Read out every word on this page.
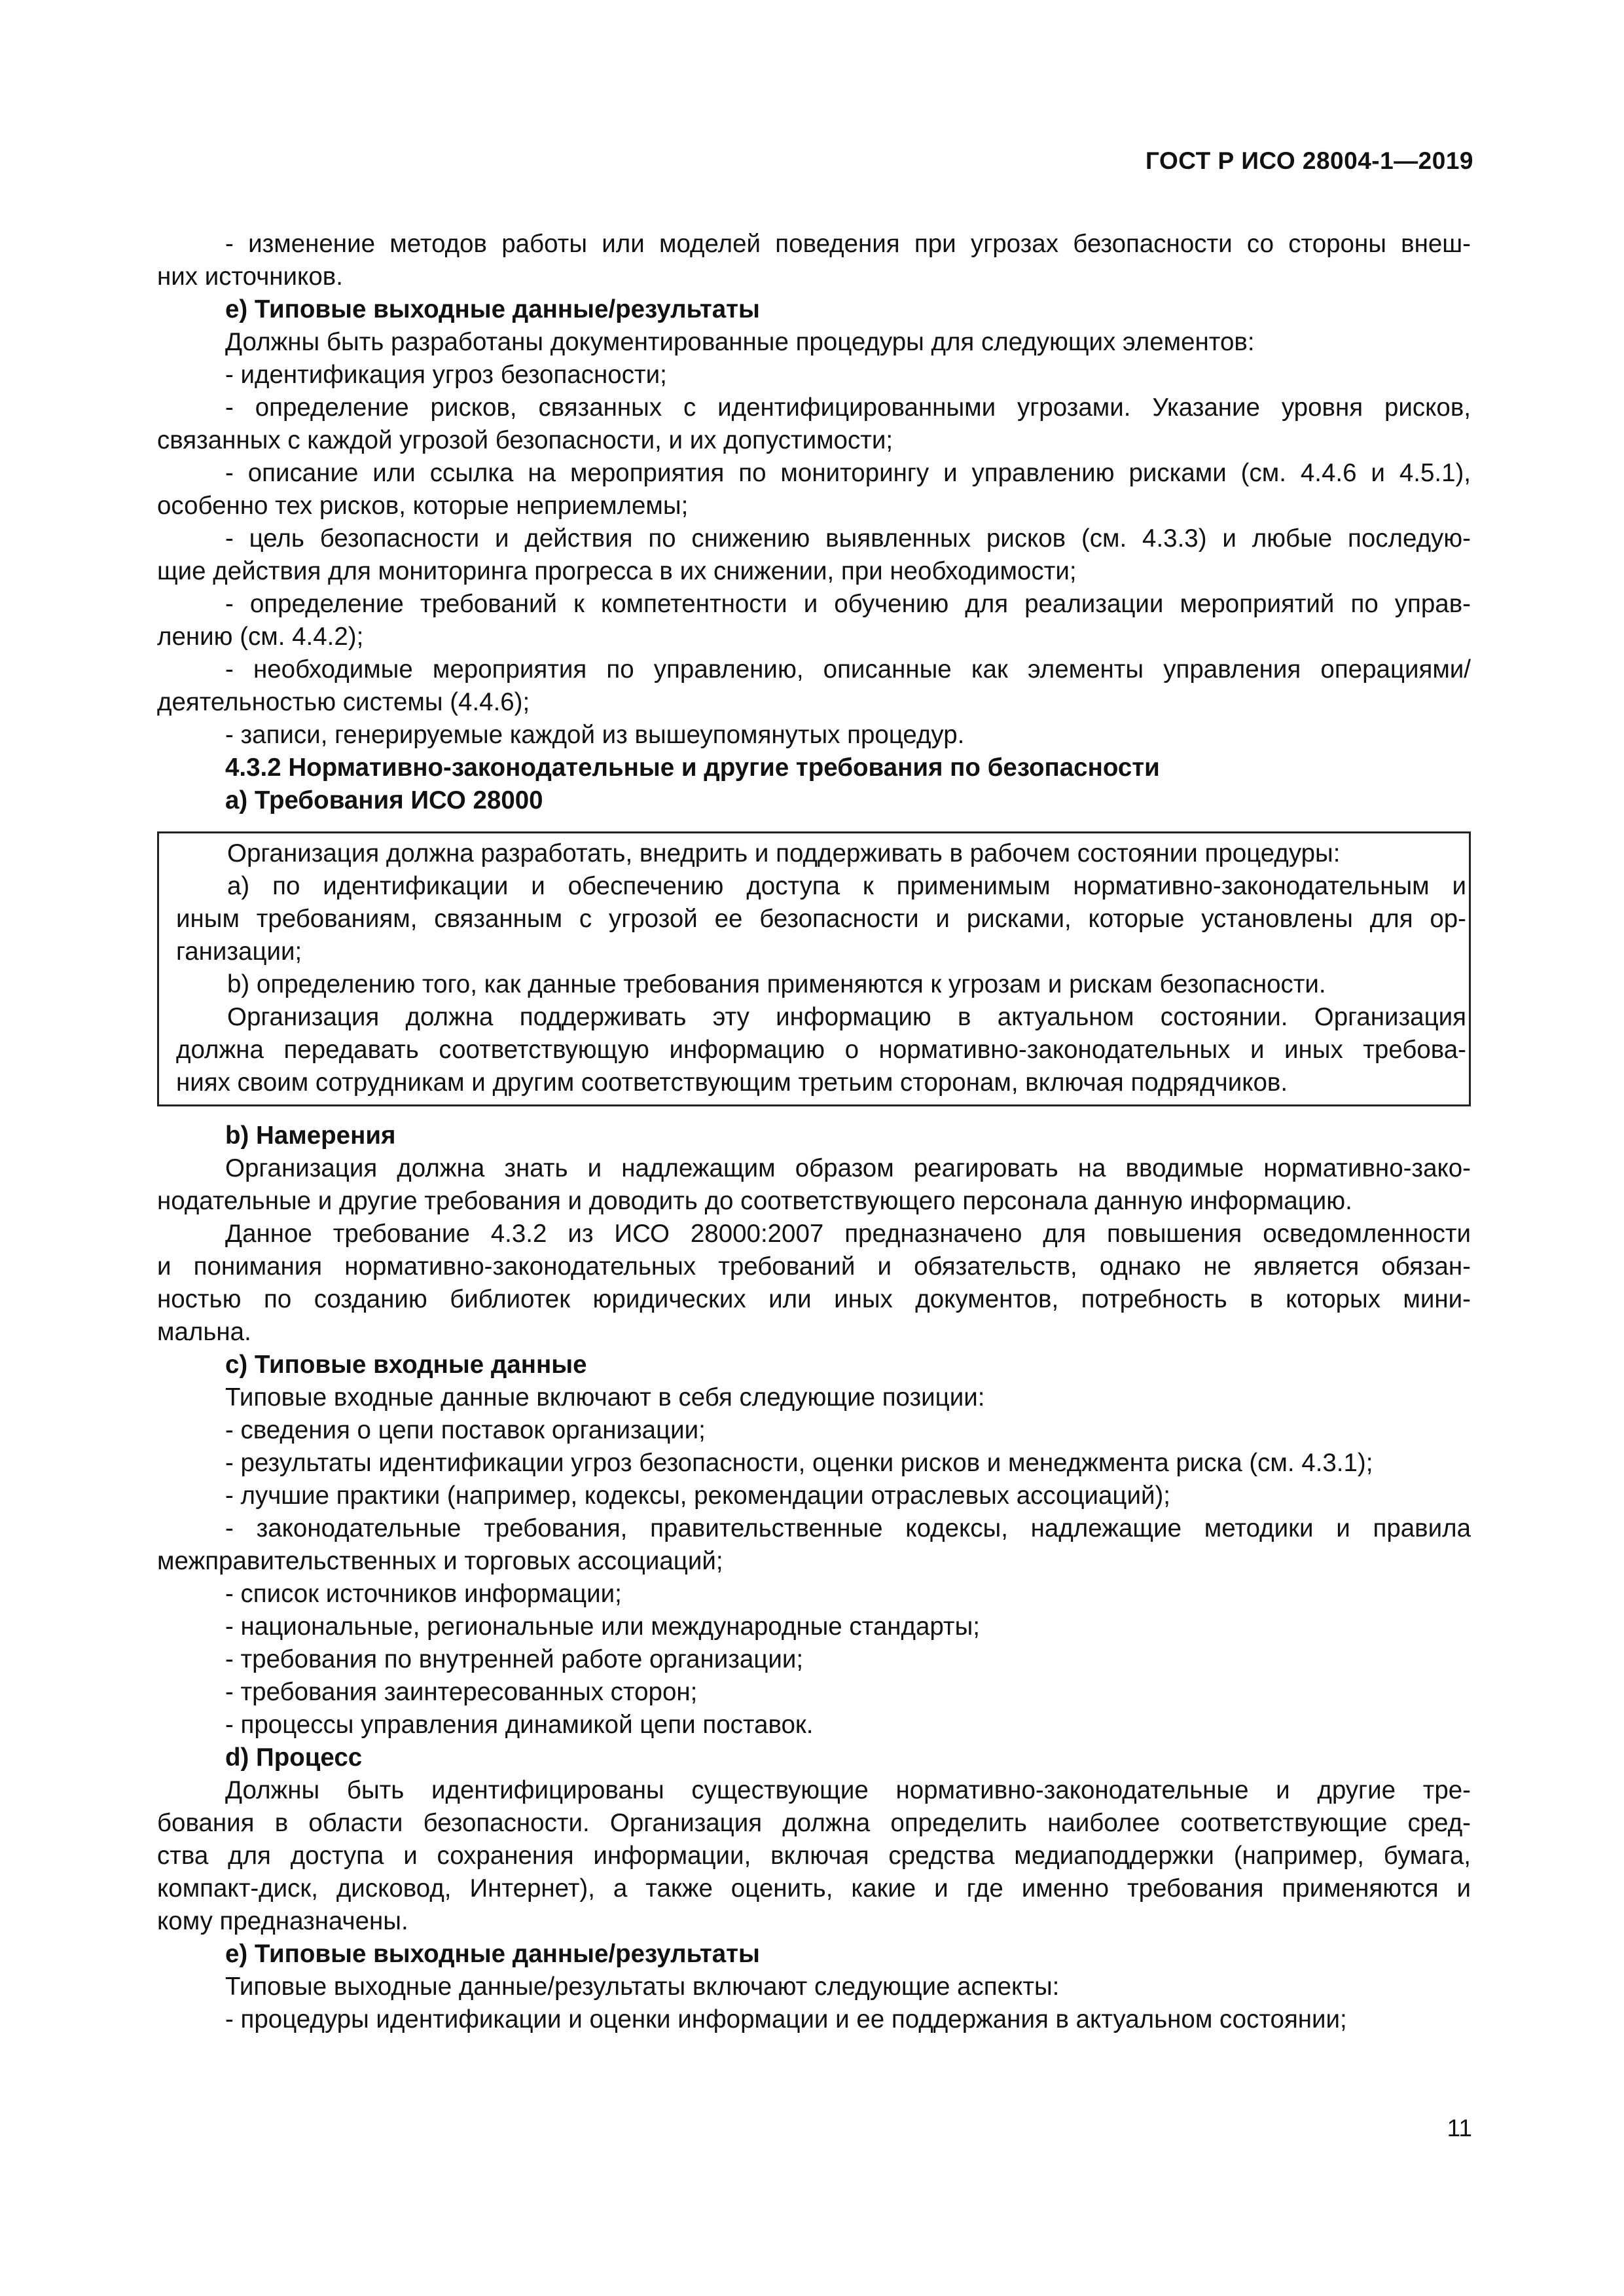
ГОСТ Р ИСО 28004-1—2019
- изменение методов работы или моделей поведения при угрозах безопасности со стороны внеш-
них источников.
e) Типовые выходные данные/результаты
Должны быть разработаны документированные процедуры для следующих элементов:
- идентификация угроз безопасности;
- определение рисков, связанных с идентифицированными угрозами. Указание уровня рисков,
связанных с каждой угрозой безопасности, и их допустимости;
- описание или ссылка на мероприятия по мониторингу и управлению рисками (см. 4.4.6 и 4.5.1),
особенно тех рисков, которые неприемлемы;
- цель безопасности и действия по снижению выявленных рисков (см. 4.3.3) и любые последую-
щие действия для мониторинга прогресса в их снижении, при необходимости;
- определение требований к компетентности и обучению для реализации мероприятий по управ-
лению (см. 4.4.2);
- необходимые мероприятия по управлению, описанные как элементы управления операциями/
деятельностью системы (4.4.6);
- записи, генерируемые каждой из вышеупомянутых процедур.
4.3.2 Нормативно-законодательные и другие требования по безопасности
a) Требования ИСО 28000
Организация должна разработать, внедрить и поддерживать в рабочем состоянии процедуры:
a) по идентификации и обеспечению доступа к применимым нормативно-законодательным и
иным требованиям, связанным с угрозой ее безопасности и рисками, которые установлены для ор-
ганизации;
b) определению того, как данные требования применяются к угрозам и рискам безопасности.
Организация должна поддерживать эту информацию в актуальном состоянии. Организация
должна передавать соответствующую информацию о нормативно-законодательных и иных требова-
ниях своим сотрудникам и другим соответствующим третьим сторонам, включая подрядчиков.
b) Намерения
Организация должна знать и надлежащим образом реагировать на вводимые нормативно-зако-
нодательные и другие требования и доводить до соответствующего персонала данную информацию.
Данное требование 4.3.2 из ИСО 28000:2007 предназначено для повышения осведомленности
и понимания нормативно-законодательных требований и обязательств, однако не является обязан-
ностью по созданию библиотек юридических или иных документов, потребность в которых мини-
мальна.
c) Типовые входные данные
Типовые входные данные включают в себя следующие позиции:
- сведения о цепи поставок организации;
- результаты идентификации угроз безопасности, оценки рисков и менеджмента риска (см. 4.3.1);
- лучшие практики (например, кодексы, рекомендации отраслевых ассоциаций);
- законодательные требования, правительственные кодексы, надлежащие методики и правила
межправительственных и торговых ассоциаций;
- список источников информации;
- национальные, региональные или международные стандарты;
- требования по внутренней работе организации;
- требования заинтересованных сторон;
- процессы управления динамикой цепи поставок.
d) Процесс
Должны быть идентифицированы существующие нормативно-законодательные и другие тре-
бования в области безопасности. Организация должна определить наиболее соответствующие сред-
ства для доступа и сохранения информации, включая средства медиаподдержки (например, бумага,
компакт-диск, дисковод, Интернет), а также оценить, какие и где именно требования применяются и
кому предназначены.
e) Типовые выходные данные/результаты
Типовые выходные данные/результаты включают следующие аспекты:
- процедуры идентификации и оценки информации и ее поддержания в актуальном состоянии;
11
